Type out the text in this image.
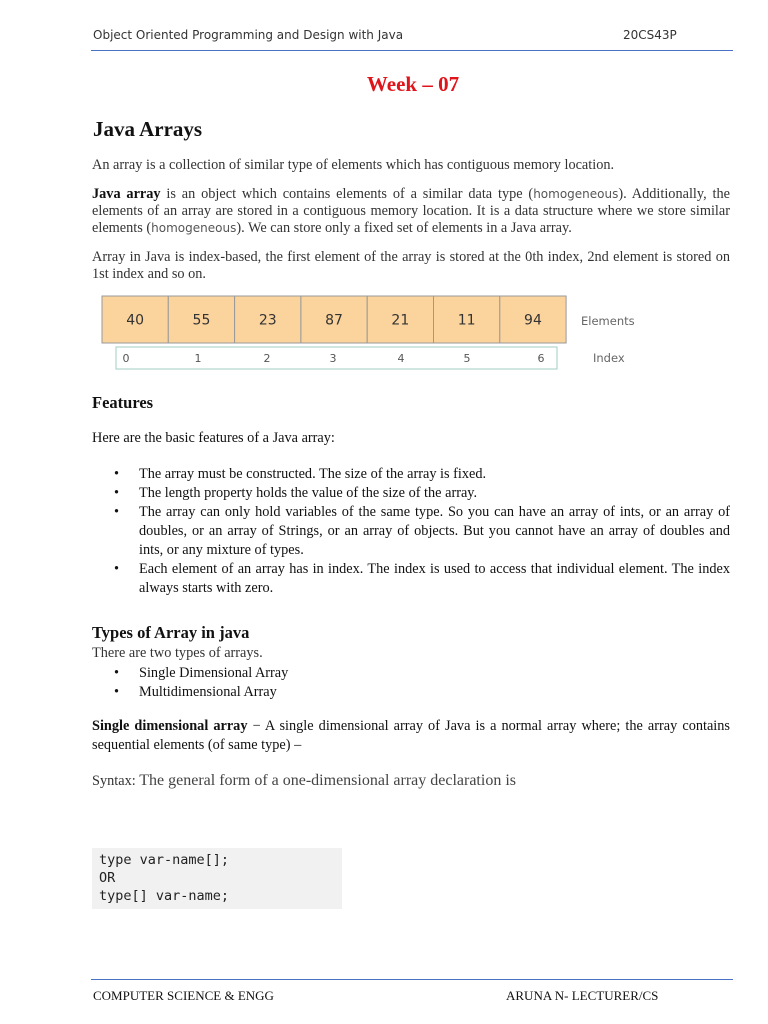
Object Oriented Programming and Design with Java	20CS43P
Week – 07
Java Arrays
An array is a collection of similar type of elements which has contiguous memory location.
Java array is an object which contains elements of a similar data type (homogeneous). Additionally, the elements of an array are stored in a contiguous memory location. It is a data structure where we store similar elements (homogeneous). We can store only a fixed set of elements in a Java array.
Array in Java is index-based, the first element of the array is stored at the 0th index, 2nd element is stored on 1st index and so on.
40	55	23	87	21	11	94
0	1	2	3	4	5	6
Elements
Index
Features
Here are the basic features of a Java array:
• The array must be constructed. The size of the array is fixed.
• The length property holds the value of the size of the array.
• The array can only hold variables of the same type. So you can have an array of ints, or an array of doubles, or an array of Strings, or an array of objects. But you cannot have an array of doubles and ints, or any mixture of types.
• Each element of an array has in index. The index is used to access that individual element. The index always starts with zero.
Types of Array in java
There are two types of arrays.
• Single Dimensional Array
• Multidimensional Array
Single dimensional array − A single dimensional array of Java is a normal array where; the array contains sequential elements (of same type) –
Syntax: The general form of a one-dimensional array declaration is
type var-name[];
OR
type[] var-name;
COMPUTER SCIENCE & ENGG	ARUNA N- LECTURER/CS
